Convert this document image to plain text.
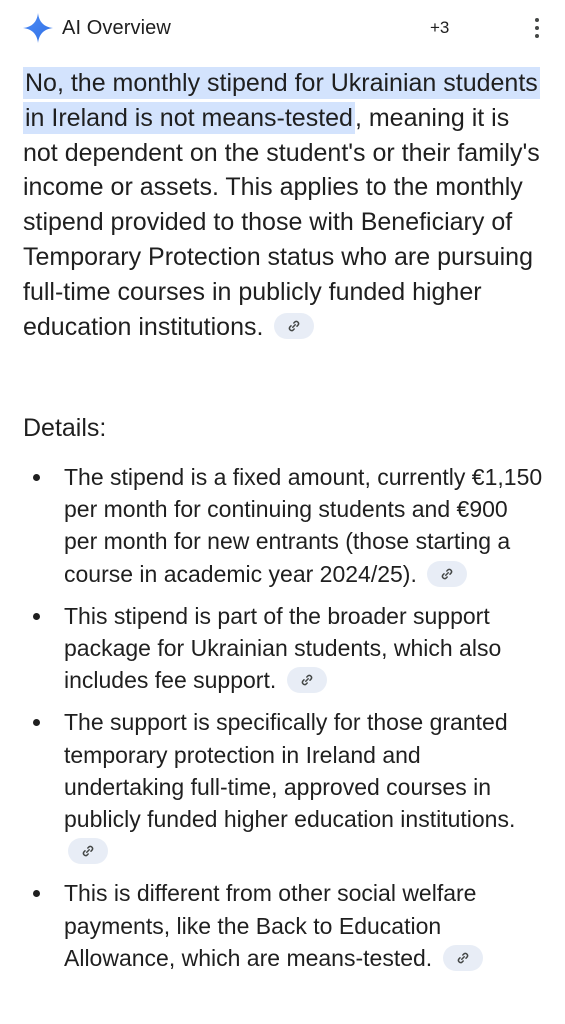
AI Overview	+3
No, the monthly stipend for Ukrainian students in Ireland is not means-tested, meaning it is not dependent on the student's or their family's income or assets. This applies to the monthly stipend provided to those with Beneficiary of Temporary Protection status who are pursuing full-time courses in publicly funded higher education institutions.
Details:
The stipend is a fixed amount, currently €1,150 per month for continuing students and €900 per month for new entrants (those starting a course in academic year 2024/25).
This stipend is part of the broader support package for Ukrainian students, which also includes fee support.
The support is specifically for those granted temporary protection in Ireland and undertaking full-time, approved courses in publicly funded higher education institutions.
This is different from other social welfare payments, like the Back to Education Allowance, which are means-tested.
